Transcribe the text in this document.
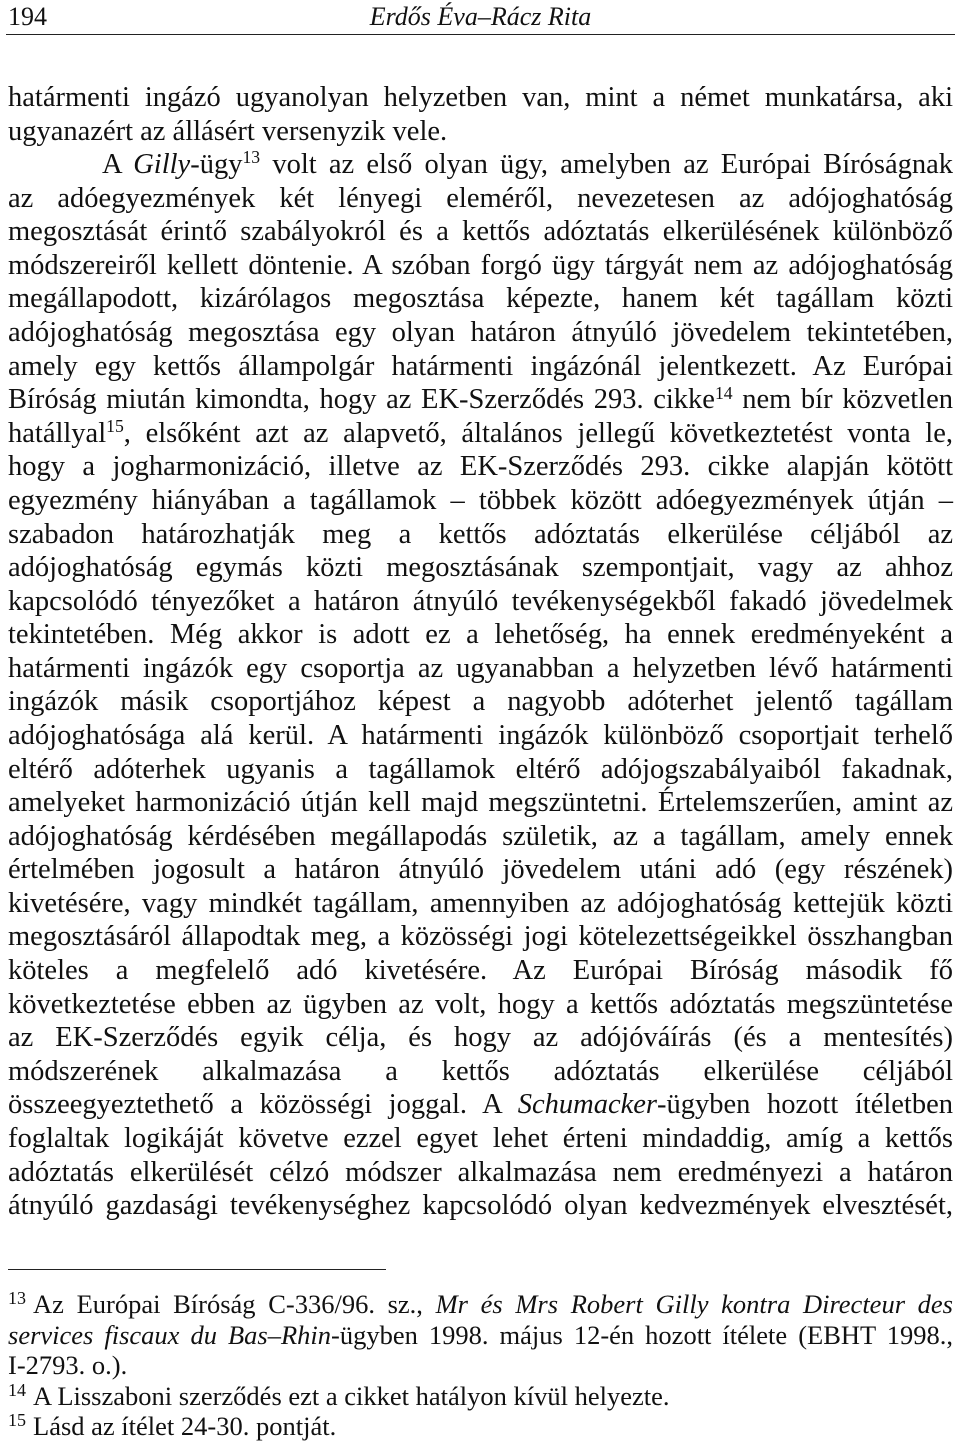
194	Erdős Éva–Rácz Rita
határmenti ingázó ugyanolyan helyzetben van, mint a német munkatársa, aki
ugyanazért az állásért versenyzik vele.
A Gilly-ügy$^{13}$ volt az első olyan ügy, amelyben az Európai Bíróságnak
az adóegyezmények két lényegi eleméről, nevezetesen az adójoghatóság
megosztását érintő szabályokról és a kettős adóztatás elkerülésének különböző
módszereiről kellett döntenie. A szóban forgó ügy tárgyát nem az adójoghatóság
megállapodott, kizárólagos megosztása képezte, hanem két tagállam közti
adójoghatóság megosztása egy olyan határon átnyúló jövedelem tekintetében,
amely egy kettős állampolgár határmenti ingázónál jelentkezett. Az Európai
Bíróság miután kimondta, hogy az EK-Szerződés 293. cikke$^{14}$ nem bír közvetlen
hatállyal$^{15}$, elsőként azt az alapvető, általános jellegű következtetést vonta le,
hogy a jogharmonizáció, illetve az EK-Szerződés 293. cikke alapján kötött
egyezmény hiányában a tagállamok – többek között adóegyezmények útján –
szabadon határozhatják meg a kettős adóztatás elkerülése céljából az
adójoghatóság egymás közti megosztásának szempontjait, vagy az ahhoz
kapcsolódó tényezőket a határon átnyúló tevékenységekből fakadó jövedelmek
tekintetében. Még akkor is adott ez a lehetőség, ha ennek eredményeként a
határmenti ingázók egy csoportja az ugyanabban a helyzetben lévő határmenti
ingázók másik csoportjához képest a nagyobb adóterhet jelentő tagállam
adójoghatósága alá kerül. A határmenti ingázók különböző csoportjait terhelő
eltérő adóterhek ugyanis a tagállamok eltérő adójogszabályaiból fakadnak,
amelyeket harmonizáció útján kell majd megszüntetni. Értelemszerűen, amint az
adójoghatóság kérdésében megállapodás születik, az a tagállam, amely ennek
értelmében jogosult a határon átnyúló jövedelem utáni adó (egy részének)
kivetésére, vagy mindkét tagállam, amennyiben az adójoghatóság kettejük közti
megosztásáról állapodtak meg, a közösségi jogi kötelezettségeikkel összhangban
köteles a megfelelő adó kivetésére. Az Európai Bíróság második fő
következtetése ebben az ügyben az volt, hogy a kettős adóztatás megszüntetése
az EK-Szerződés egyik célja, és hogy az adójóváírás (és a mentesítés)
módszerének alkalmazása a kettős adóztatás elkerülése céljából
összeegyeztethető a közösségi joggal. A Schumacker-ügyben hozott ítéletben
foglaltak logikáját követve ezzel egyet lehet érteni mindaddig, amíg a kettős
adóztatás elkerülését célzó módszer alkalmazása nem eredményezi a határon
átnyúló gazdasági tevékenységhez kapcsolódó olyan kedvezmények elvesztését,
$^{13}$ Az Európai Bíróság C-336/96. sz., Mr és Mrs Robert Gilly kontra Directeur des
services fiscaux du Bas–Rhin-ügyben 1998. május 12-én hozott ítélete (EBHT 1998.,
I-2793. o.).
$^{14}$ A Lisszaboni szerződés ezt a cikket hatályon kívül helyezte.
$^{15}$ Lásd az ítélet 24-30. pontját.
